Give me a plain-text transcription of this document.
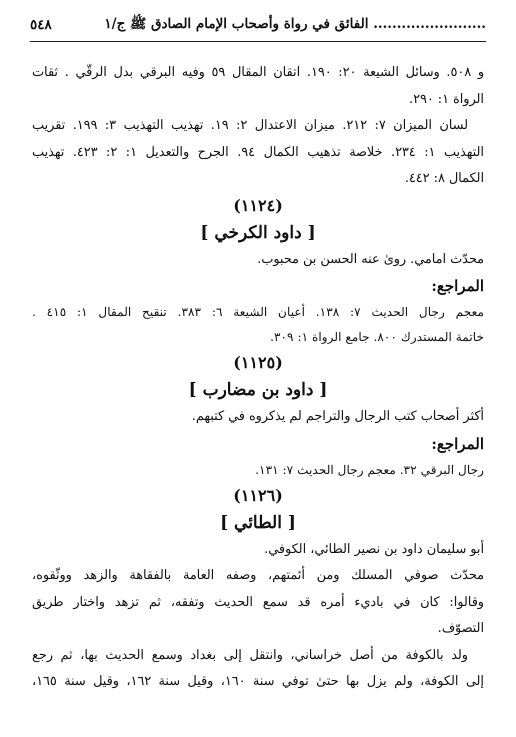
........................ الفائق في رواة وأصحاب الإمام الصادق ﷺ ج/١
٥٤٨
و ٥٠٨. وسائل الشيعة ٢٠: ١٩٠. اتقان المقال ٥٩ وفيه البرقي بدل الرقّي . ثقات
الرواة ١: ٢٩٠.
لسان الميزان ٧: ٢١٢. ميزان الاعتدال ٢: ١٩. تهذيب التهذيب ٣: ١٩٩. تقريب
التهذيب ١: ٢٣٤. خلاصة تذهيب الكمال ٩٤. الجرح والتعديل ١: ٢: ٤٢٣. تهذيب
الكمال ٨: ٤٤٢.
(١١٢٤)
[ داود الكرخي ]
محدّث امامي. روىٰ عنه الحسن بن محبوب.
المراجع:
معجم رجال الحديث ٧: ١٣٨. أعيان الشيعة ٦: ٣٨٣. تنقيح المقال ١: ٤١٥ .
خاتمة المستدرك ٨٠٠. جامع الرواة ١: ٣٠٩.
(١١٢٥)
[ داود بن مضارب ]
أكثر أصحاب كتب الرجال والتراجم لم يذكروه في كتبهم.
المراجع:
رجال البرقي ٣٢. معجم رجال الحديث ٧: ١٣١.
(١١٢٦)
[ الطائي ]
أبو سليمان داود بن نصير الطائي، الكوفي.
محدّث صوفي المسلك ومن أئمتهم، وصفه العامة بالفقاهة والزهد ووثّقوه،
وقالوا: كان في باديء أمره قد سمع الحديث وتفقه، ثم تزهد واختار طريق
التصوّف.
ولد بالكوفة من أصل خراساني، وانتقل إلى بغداد وسمع الحديث بها، ثم رجع
إلى الكوفة، ولم يزل بها حتىٰ توفي سنة ١٦٠، وقيل سنة ١٦٢، وقيل سنة ١٦٥،
